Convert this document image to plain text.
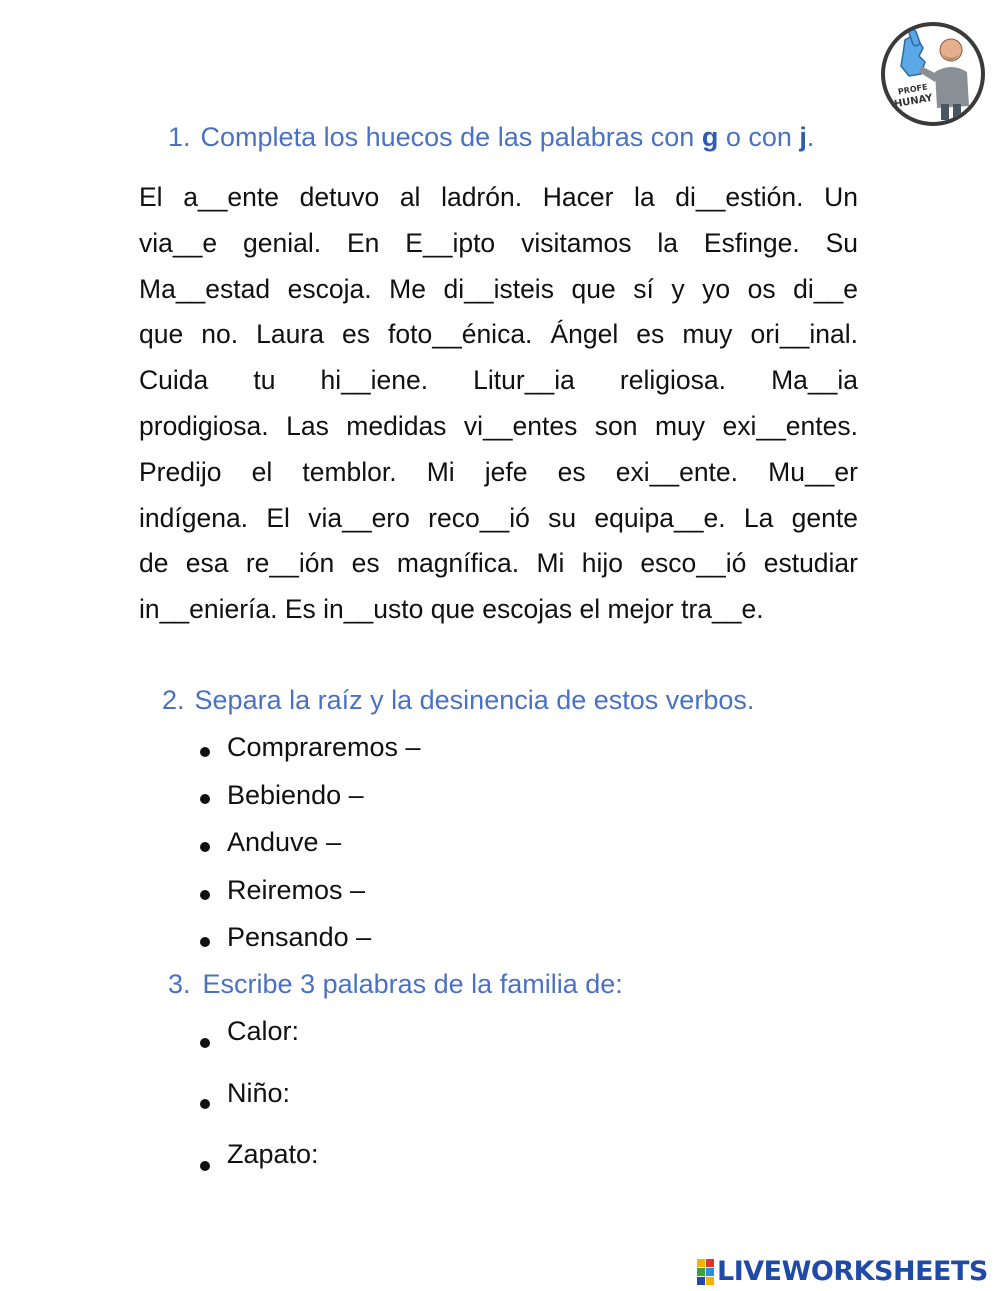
PROFE
HUNAY
1. Completa los huecos de las palabras con g o con j.
El a__ente detuvo al ladrón. Hacer la di__estión. Un
via__e genial. En E__ipto visitamos la Esfinge. Su
Ma__estad escoja. Me di__isteis que sí y yo os di__e
que no. Laura es foto__énica. Ángel es muy ori__inal.
Cuida tu hi__iene. Litur__ia religiosa. Ma__ia
prodigiosa. Las medidas vi__entes son muy exi__entes.
Predijo el temblor. Mi jefe es exi__ente. Mu__er
indígena. El via__ero reco__ió su equipa__e. La gente
de esa re__ión es magnífica. Mi hijo esco__ió estudiar
in__eniería. Es in__usto que escojas el mejor tra__e.
2. Separa la raíz y la desinencia de estos verbos.
Compraremos –
Bebiendo –
Anduve –
Reiremos –
Pensando –
3. Escribe 3 palabras de la familia de:
Calor:
Niño:
Zapato:
LIVEWORKSHEETS
